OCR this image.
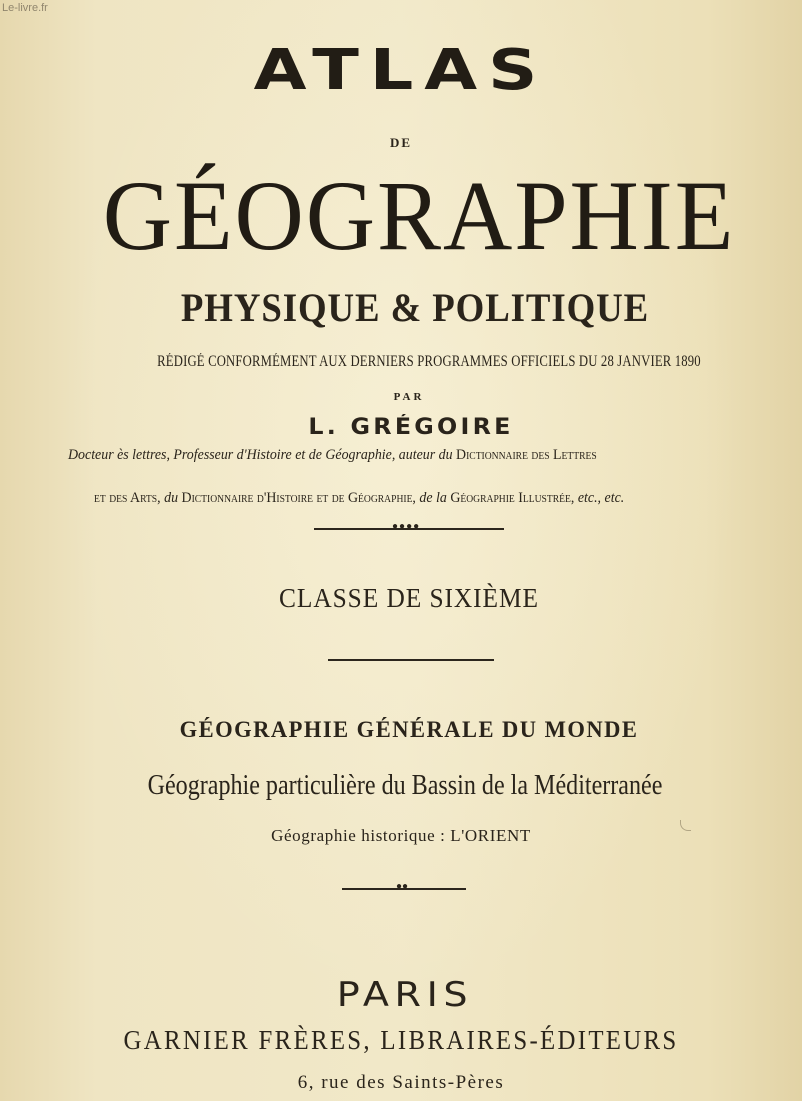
Le-livre.fr
ATLAS
DE
GÉOGRAPHIE
PHYSIQUE & POLITIQUE
RÉDIGÉ CONFORMÉMENT AUX DERNIERS PROGRAMMES OFFICIELS DU 28 JANVIER 1890
PAR
L. GRÉGOIRE
Docteur ès lettres, Professeur d'Histoire et de Géographie, auteur du Dictionnaire des Lettres
et des Arts, du Dictionnaire d'Histoire et de Géographie, de la Géographie Illustrée, etc., etc.
●●●●
CLASSE DE SIXIÈME
GÉOGRAPHIE GÉNÉRALE DU MONDE
Géographie particulière du Bassin de la Méditerranée
Géographie historique : L'ORIENT
●●
PARIS
GARNIER FRÈRES, LIBRAIRES-ÉDITEURS
6, rue des Saints-Pères
